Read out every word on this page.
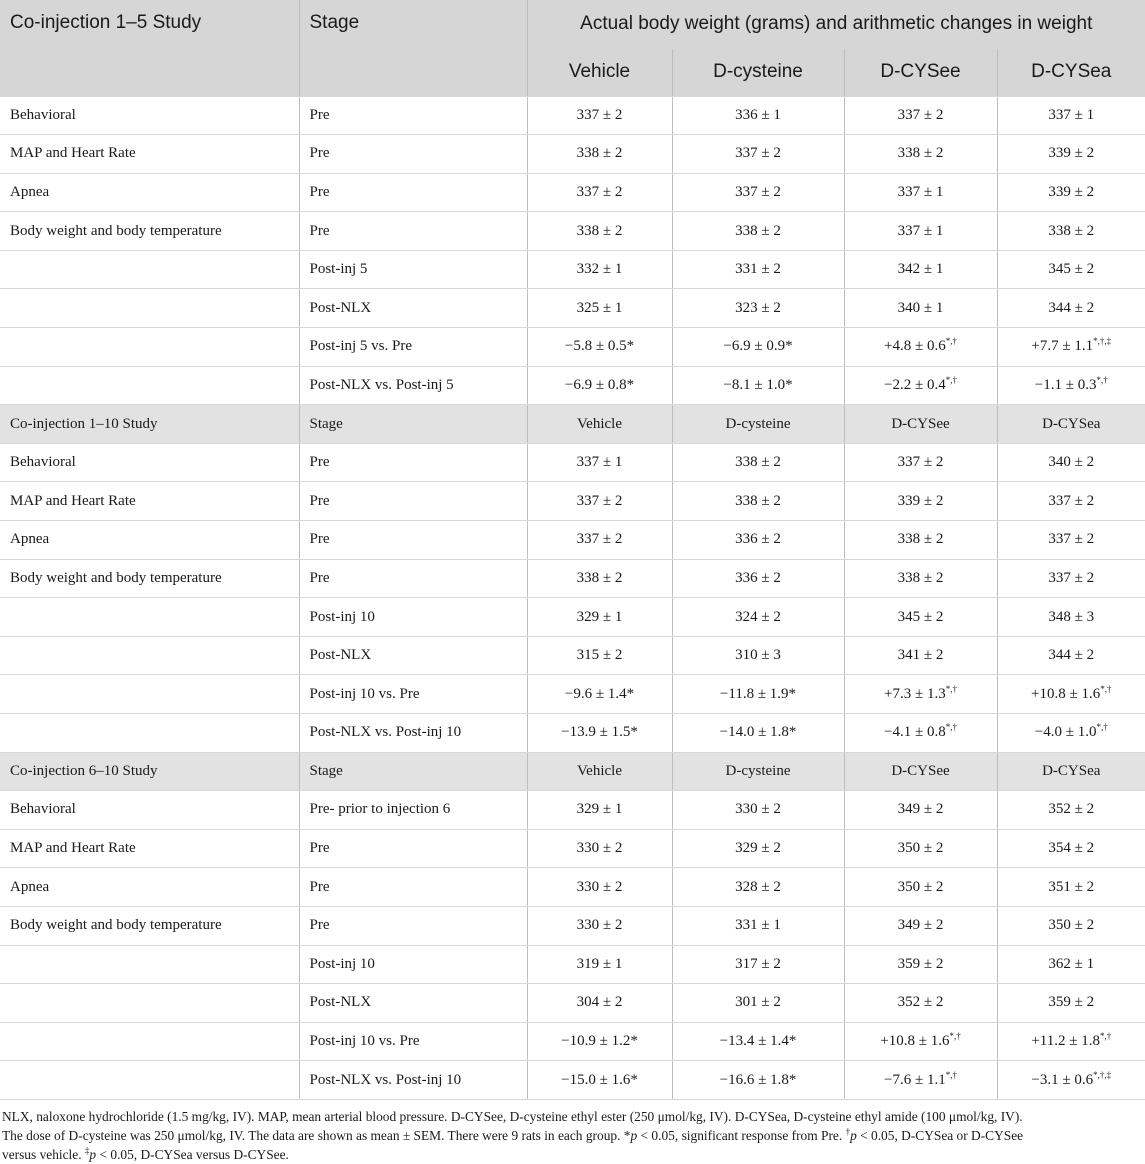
Co-injection 1–5 Study	Stage	Actual body weight (grams) and arithmetic changes in weight			
		Vehicle	D-cysteine	D-CYSee	D-CYSea
Behavioral	Pre	337 ± 2	336 ± 1	337 ± 2	337 ± 1
MAP and Heart Rate	Pre	338 ± 2	337 ± 2	338 ± 2	339 ± 2
Apnea	Pre	337 ± 2	337 ± 2	337 ± 1	339 ± 2
Body weight and body temperature	Pre	338 ± 2	338 ± 2	337 ± 1	338 ± 2
	Post-inj 5	332 ± 1	331 ± 2	342 ± 1	345 ± 2
	Post-NLX	325 ± 1	323 ± 2	340 ± 1	344 ± 2
	Post-inj 5 vs. Pre	−5.8 ± 0.5*	−6.9 ± 0.9*	+4.8 ± 0.6*,†	+7.7 ± 1.1*,†,‡
	Post-NLX vs. Post-inj 5	−6.9 ± 0.8*	−8.1 ± 1.0*	−2.2 ± 0.4*,†	−1.1 ± 0.3*,†
Co-injection 1–10 Study	Stage	Vehicle	D-cysteine	D-CYSee	D-CYSea
Behavioral	Pre	337 ± 1	338 ± 2	337 ± 2	340 ± 2
MAP and Heart Rate	Pre	337 ± 2	338 ± 2	339 ± 2	337 ± 2
Apnea	Pre	337 ± 2	336 ± 2	338 ± 2	337 ± 2
Body weight and body temperature	Pre	338 ± 2	336 ± 2	338 ± 2	337 ± 2
	Post-inj 10	329 ± 1	324 ± 2	345 ± 2	348 ± 3
	Post-NLX	315 ± 2	310 ± 3	341 ± 2	344 ± 2
	Post-inj 10 vs. Pre	−9.6 ± 1.4*	−11.8 ± 1.9*	+7.3 ± 1.3*,†	+10.8 ± 1.6*,†
	Post-NLX vs. Post-inj 10	−13.9 ± 1.5*	−14.0 ± 1.8*	−4.1 ± 0.8*,†	−4.0 ± 1.0*,†
Co-injection 6–10 Study	Stage	Vehicle	D-cysteine	D-CYSee	D-CYSea
Behavioral	Pre- prior to injection 6	329 ± 1	330 ± 2	349 ± 2	352 ± 2
MAP and Heart Rate	Pre	330 ± 2	329 ± 2	350 ± 2	354 ± 2
Apnea	Pre	330 ± 2	328 ± 2	350 ± 2	351 ± 2
Body weight and body temperature	Pre	330 ± 2	331 ± 1	349 ± 2	350 ± 2
	Post-inj 10	319 ± 1	317 ± 2	359 ± 2	362 ± 1
	Post-NLX	304 ± 2	301 ± 2	352 ± 2	359 ± 2
	Post-inj 10 vs. Pre	−10.9 ± 1.2*	−13.4 ± 1.4*	+10.8 ± 1.6*,†	+11.2 ± 1.8*,†
	Post-NLX vs. Post-inj 10	−15.0 ± 1.6*	−16.6 ± 1.8*	−7.6 ± 1.1*,†	−3.1 ± 0.6*,†,‡

NLX, naloxone hydrochloride (1.5 mg/kg, IV). MAP, mean arterial blood pressure. D-CYSee, D-cysteine ethyl ester (250 μmol/kg, IV). D-CYSea, D-cysteine ethyl amide (100 μmol/kg, IV).

The dose of D-cysteine was 250 μmol/kg, IV. The data are shown as mean ± SEM. There were 9 rats in each group. *p < 0.05, significant response from Pre. †p < 0.05, D-CYSea or D-CYSee

versus vehicle. ‡p < 0.05, D-CYSea versus D-CYSee.
